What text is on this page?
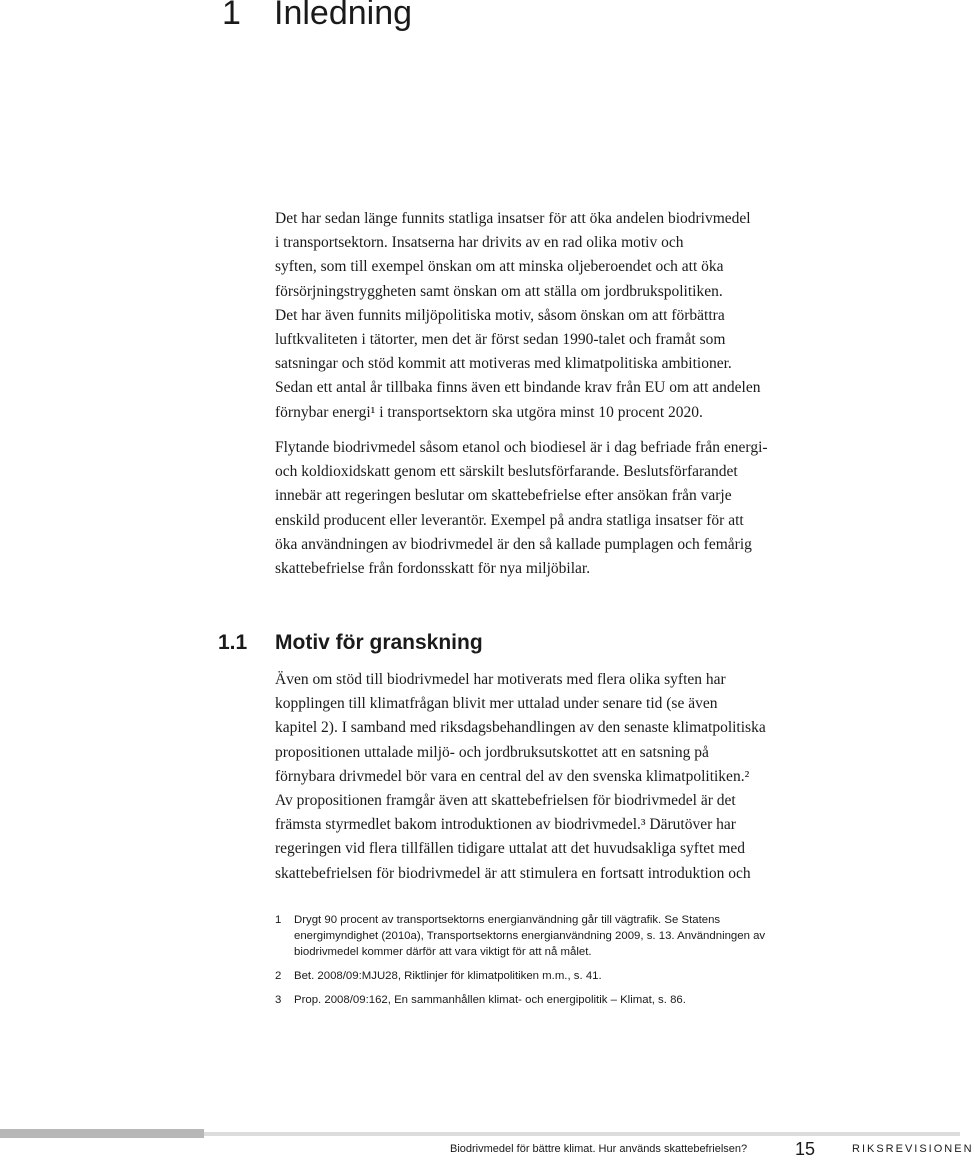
1 Inledning
Det har sedan länge funnits statliga insatser för att öka andelen biodrivmedel
i transportsektorn. Insatserna har drivits av en rad olika motiv och
syften, som till exempel önskan om att minska oljeberoendet och att öka
försörjningstryggheten samt önskan om att ställa om jordbrukspolitiken.
Det har även funnits miljöpolitiska motiv, såsom önskan om att förbättra
luftkvaliteten i tätorter, men det är först sedan 1990-talet och framåt som
satsningar och stöd kommit att motiveras med klimatpolitiska ambitioner.
Sedan ett antal år tillbaka finns även ett bindande krav från EU om att andelen
förnybar energi¹ i transportsektorn ska utgöra minst 10 procent 2020.
Flytande biodrivmedel såsom etanol och biodiesel är i dag befriade från energi-
och koldioxidskatt genom ett särskilt beslutsförfarande. Beslutsförfarandet
innebär att regeringen beslutar om skattebefrielse efter ansökan från varje
enskild producent eller leverantör. Exempel på andra statliga insatser för att
öka användningen av biodrivmedel är den så kallade pumplagen och femårig
skattebefrielse från fordonsskatt för nya miljöbilar.
1.1 Motiv för granskning
Även om stöd till biodrivmedel har motiverats med flera olika syften har
kopplingen till klimatfrågan blivit mer uttalad under senare tid (se även
kapitel 2). I samband med riksdagsbehandlingen av den senaste klimatpolitiska
propositionen uttalade miljö- och jordbruksutskottet att en satsning på
förnybara drivmedel bör vara en central del av den svenska klimatpolitiken.²
Av propositionen framgår även att skattebefrielsen för biodrivmedel är det
främsta styrmedlet bakom introduktionen av biodrivmedel.³ Därutöver har
regeringen vid flera tillfällen tidigare uttalat att det huvudsakliga syftet med
skattebefrielsen för biodrivmedel är att stimulera en fortsatt introduktion och
1 Drygt 90 procent av transportsektorns energianvändning går till vägtrafik. Se Statens
energimyndighet (2010a), Transportsektorns energianvändning 2009, s. 13. Användningen av
biodrivmedel kommer därför att vara viktigt för att nå målet.
2 Bet. 2008/09:MJU28, Riktlinjer för klimatpolitiken m.m., s. 41.
3 Prop. 2008/09:162, En sammanhållen klimat- och energipolitik – Klimat, s. 86.
Biodrivmedel för bättre klimat. Hur används skattebefrielsen?	15	RIKSREVISIONEN
